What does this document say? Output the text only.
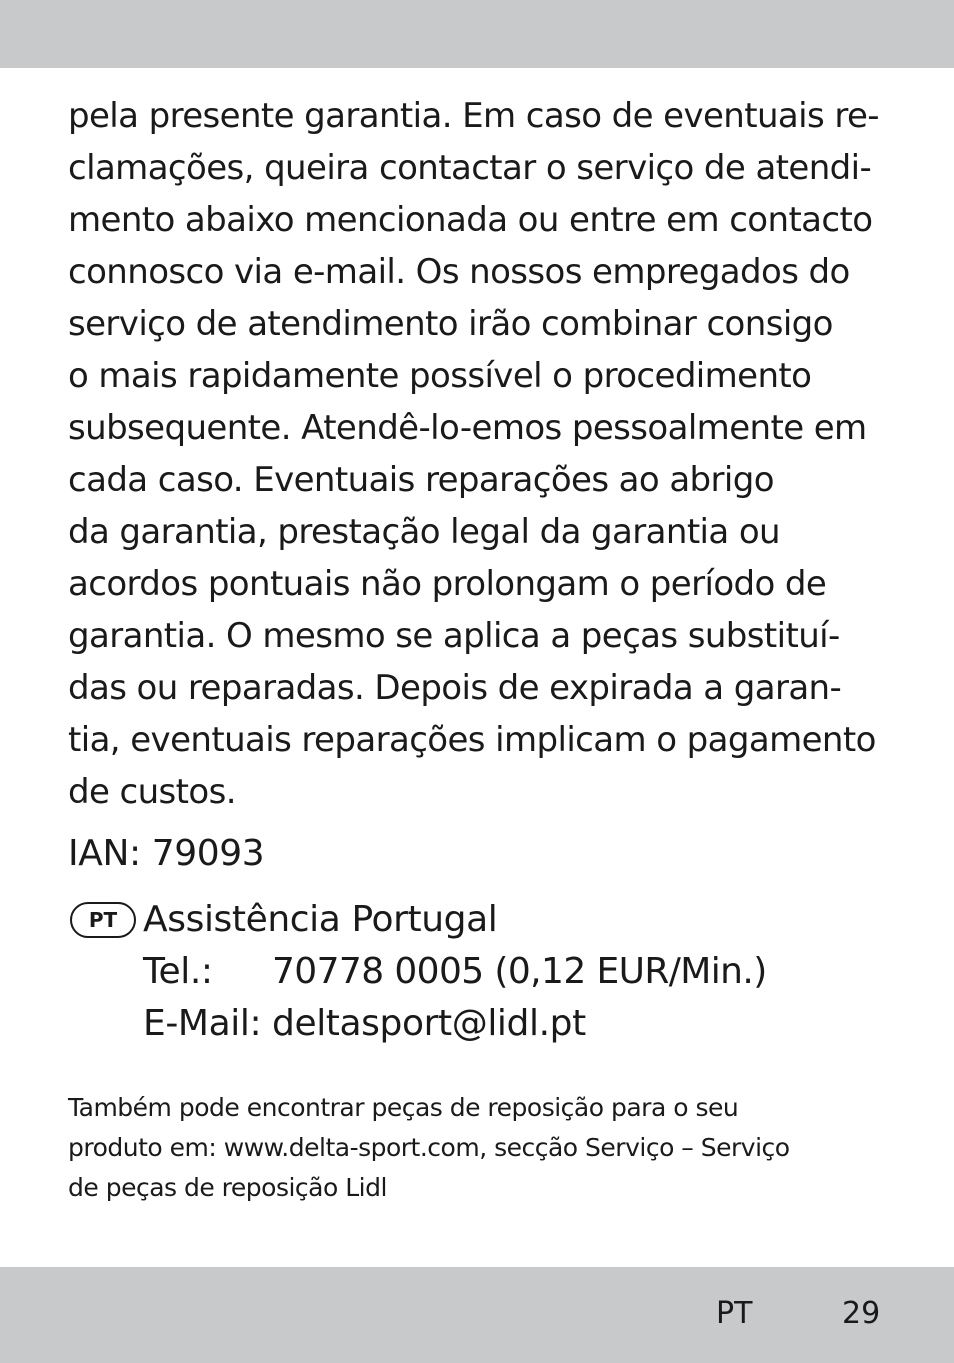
pela presente garantia. Em caso de eventuais re-
clamações, queira contactar o serviço de atendi-
mento abaixo mencionada ou entre em contacto
connosco via e-mail. Os nossos empregados do
serviço de atendimento irão combinar consigo
o mais rapidamente possível o procedimento
subsequente. Atendê-lo-emos pessoalmente em
cada caso. Eventuais reparações ao abrigo
da garantia, prestação legal da garantia ou
acordos pontuais não prolongam o período de
garantia. O mesmo se aplica a peças substituí-
das ou reparadas. Depois de expirada a garan-
tia, eventuais reparações implicam o pagamento
de custos.
IAN: 79093
PT Assistência Portugal
Tel.: 70778 0005 (0,12 EUR/Min.)
E-Mail: deltasport@lidl.pt
Também pode encontrar peças de reposição para o seu
produto em: www.delta-sport.com, secção Serviço – Serviço
de peças de reposição Lidl
PT	29
